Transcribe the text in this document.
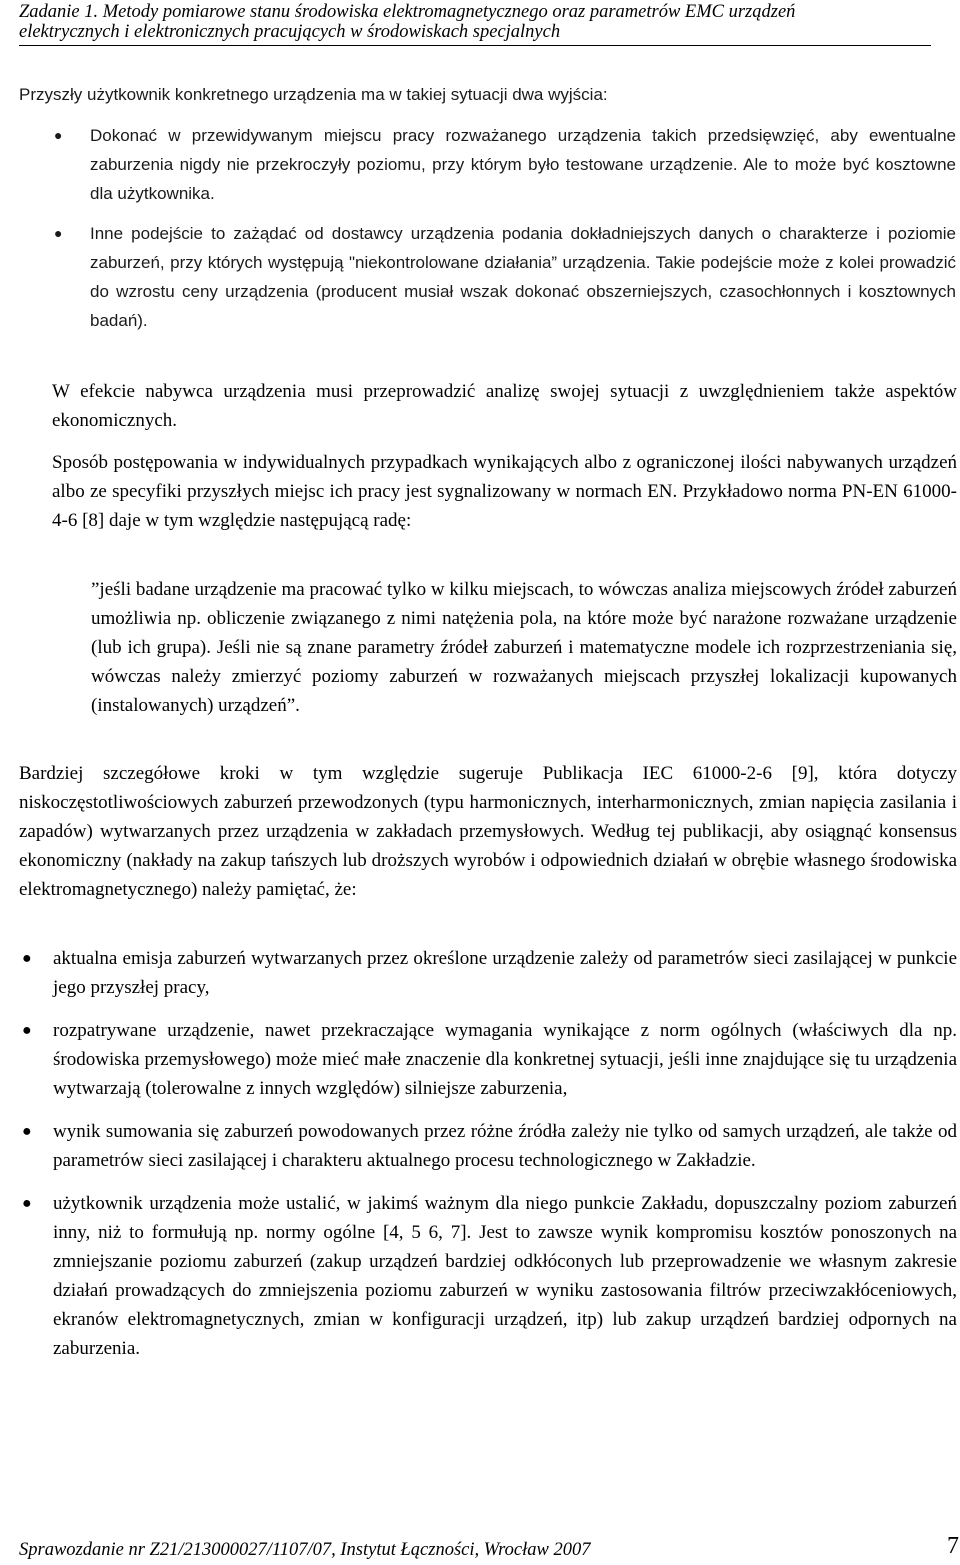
Zadanie 1. Metody pomiarowe stanu środowiska elektromagnetycznego oraz parametrów EMC urządzeń
elektrycznych i elektronicznych pracujących w środowiskach specjalnych
Przyszły użytkownik konkretnego urządzenia ma w takiej sytuacji dwa wyjścia:
● Dokonać w przewidywanym miejscu pracy rozważanego urządzenia takich przedsięwzięć, aby ewentualne zaburzenia nigdy nie przekroczyły poziomu, przy którym było testowane urządzenie. Ale to może być kosztowne dla użytkownika.
● Inne podejście to zażądać od dostawcy urządzenia podania dokładniejszych danych o charakterze i poziomie zaburzeń, przy których występują "niekontrolowane działania” urządzenia. Takie podejście może z kolei prowadzić do wzrostu ceny urządzenia (producent musiał wszak dokonać obszerniejszych, czasochłonnych i kosztownych badań).

W efekcie nabywca urządzenia musi przeprowadzić analizę swojej sytuacji z uwzględnieniem także aspektów ekonomicznych.

Sposób postępowania w indywidualnych przypadkach wynikających albo z ograniczonej ilości nabywanych urządzeń albo ze specyfiki przyszłych miejsc ich pracy jest sygnalizowany w normach EN. Przykładowo norma PN-EN 61000-4-6 [8] daje w tym względzie następującą radę:

”jeśli badane urządzenie ma pracować tylko w kilku miejscach, to wówczas analiza miejscowych źródeł zaburzeń umożliwia np. obliczenie związanego z nimi natężenia pola, na które może być narażone rozważane urządzenie (lub ich grupa). Jeśli nie są znane parametry źródeł zaburzeń i matematyczne modele ich rozprzestrzeniania się, wówczas należy zmierzyć poziomy zaburzeń w rozważanych miejscach przyszłej lokalizacji kupowanych (instalowanych) urządzeń”.

Bardziej szczegółowe kroki w tym względzie sugeruje Publikacja IEC 61000-2-6 [9], która dotyczy niskoczęstotliwościowych zaburzeń przewodzonych (typu harmonicznych, interharmonicznych, zmian napięcia zasilania i zapadów) wytwarzanych przez urządzenia w zakładach przemysłowych. Według tej publikacji, aby osiągnąć konsensus ekonomiczny (nakłady na zakup tańszych lub droższych wyrobów i odpowiednich działań w obrębie własnego środowiska elektromagnetycznego) należy pamiętać, że:

● aktualna emisja zaburzeń wytwarzanych przez określone urządzenie zależy od parametrów sieci zasilającej w punkcie jego przyszłej pracy,
● rozpatrywane urządzenie, nawet przekraczające wymagania wynikające z norm ogólnych (właściwych dla np. środowiska przemysłowego) może mieć małe znaczenie dla konkretnej sytuacji, jeśli inne znajdujące się tu urządzenia wytwarzają (tolerowalne z innych względów) silniejsze zaburzenia,
● wynik sumowania się zaburzeń powodowanych przez różne źródła zależy nie tylko od samych urządzeń, ale także od parametrów sieci zasilającej i charakteru aktualnego procesu technologicznego w Zakładzie.
● użytkownik urządzenia może ustalić, w jakimś ważnym dla niego punkcie Zakładu, dopuszczalny poziom zaburzeń inny, niż to formułują np. normy ogólne [4, 5 6, 7]. Jest to zawsze wynik kompromisu kosztów ponoszonych na zmniejszanie poziomu zaburzeń (zakup urządzeń bardziej odkłóconych lub przeprowadzenie we własnym zakresie działań prowadzących do zmniejszenia poziomu zaburzeń w wyniku zastosowania filtrów przeciwzakłóceniowych, ekranów elektromagnetycznych, zmian w konfiguracji urządzeń, itp) lub zakup urządzeń bardziej odpornych na zaburzenia.
Sprawozdanie nr Z21/213000027/1107/07, Instytut Łączności, Wrocław 2007	7
